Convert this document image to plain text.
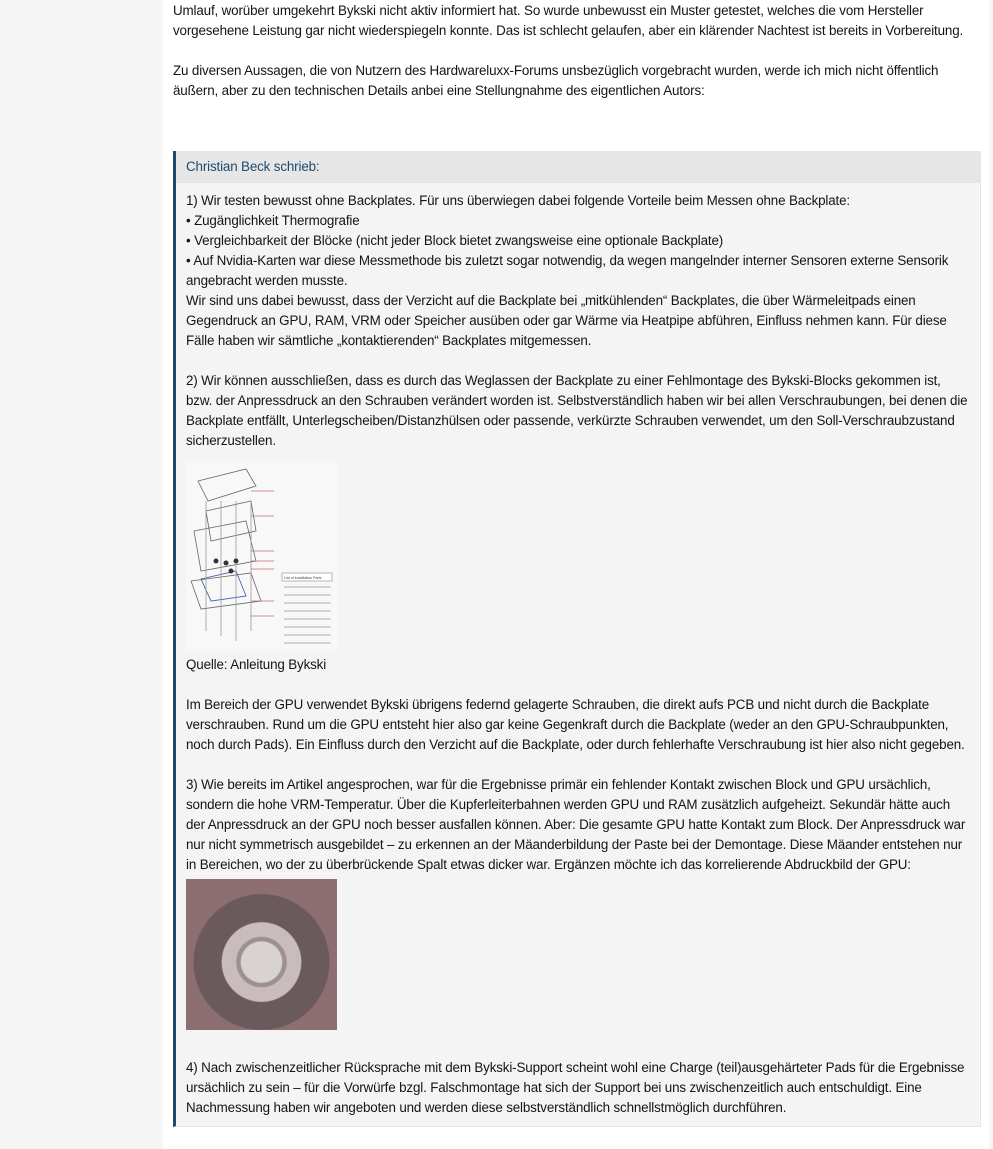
Umlauf, worüber umgekehrt Bykski nicht aktiv informiert hat. So wurde unbewusst ein Muster getestet, welches die vom Hersteller vorgesehene Leistung gar nicht wiederspiegeln konnte. Das ist schlecht gelaufen, aber ein klärender Nachtest ist bereits in Vorbereitung.

Zu diversen Aussagen, die von Nutzern des Hardwareluxx-Forums unsbezüglich vorgebracht wurden, werde ich mich nicht öffentlich äußern, aber zu den technischen Details anbei eine Stellungnahme des eigentlichen Autors:

Christian Beck schrieb:

1) Wir testen bewusst ohne Backplates. Für uns überwiegen dabei folgende Vorteile beim Messen ohne Backplate:
• Zugänglichkeit Thermografie
• Vergleichbarkeit der Blöcke (nicht jeder Block bietet zwangsweise eine optionale Backplate)
• Auf Nvidia-Karten war diese Messmethode bis zuletzt sogar notwendig, da wegen mangelnder interner Sensoren externe Sensorik angebracht werden musste.
Wir sind uns dabei bewusst, dass der Verzicht auf die Backplate bei „mitkühlenden“ Backplates, die über Wärmeleitpads einen Gegendruck an GPU, RAM, VRM oder Speicher ausüben oder gar Wärme via Heatpipe abführen, Einfluss nehmen kann. Für diese Fälle haben wir sämtliche „kontaktierenden“ Backplates mitgemessen.

2) Wir können ausschließen, dass es durch das Weglassen der Backplate zu einer Fehlmontage des Bykski-Blocks gekommen ist, bzw. der Anpressdruck an den Schrauben verändert worden ist. Selbstverständlich haben wir bei allen Verschraubungen, bei denen die Backplate entfällt, Unterlegscheiben/Distanzhülsen oder passende, verkürzte Schrauben verwendet, um den Soll-Verschraubzustand sicherzustellen.

List of Installation Parts
Quelle: Anleitung Bykski

Im Bereich der GPU verwendet Bykski übrigens federnd gelagerte Schrauben, die direkt aufs PCB und nicht durch die Backplate verschrauben. Rund um die GPU entsteht hier also gar keine Gegenkraft durch die Backplate (weder an den GPU-Schraubpunkten, noch durch Pads). Ein Einfluss durch den Verzicht auf die Backplate, oder durch fehlerhafte Verschraubung ist hier also nicht gegeben.

3) Wie bereits im Artikel angesprochen, war für die Ergebnisse primär ein fehlender Kontakt zwischen Block und GPU ursächlich, sondern die hohe VRM-Temperatur. Über die Kupferleiterbahnen werden GPU und RAM zusätzlich aufgeheizt. Sekundär hätte auch der Anpressdruck an der GPU noch besser ausfallen können. Aber: Die gesamte GPU hatte Kontakt zum Block. Der Anpressdruck war nur nicht symmetrisch ausgebildet – zu erkennen an der Mäanderbildung der Paste bei der Demontage. Diese Mäander entstehen nur in Bereichen, wo der zu überbrückende Spalt etwas dicker war. Ergänzen möchte ich das korrelierende Abdruckbild der GPU:

4) Nach zwischenzeitlicher Rücksprache mit dem Bykski-Support scheint wohl eine Charge (teil)ausgehärteter Pads für die Ergebnisse ursächlich zu sein – für die Vorwürfe bzgl. Falschmontage hat sich der Support bei uns zwischenzeitlich auch entschuldigt. Eine Nachmessung haben wir angeboten und werden diese selbstverständlich schnellstmöglich durchführen.
